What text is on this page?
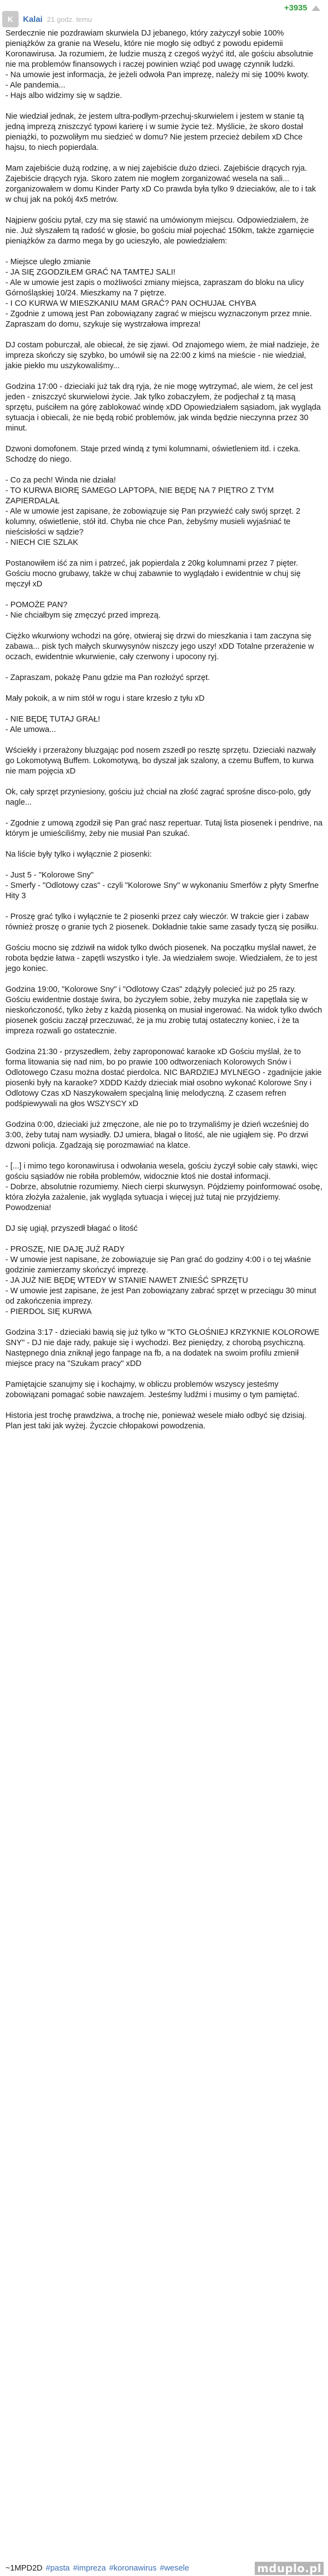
K	Kalai 21 godz. temu
+3935
Serdecznie nie pozdrawiam skurwiela DJ jebanego, który zażyczył sobie 100% pieniążków za granie na Weselu, które nie mogło się odbyć z powodu epidemii Koronawirusa. Ja rozumiem, że ludzie muszą z czegoś wyżyć itd, ale gościu absolutnie nie ma problemów finansowych i raczej powinien wziąć pod uwagę czynnik ludzki.
- Na umowie jest informacja, że jeżeli odwoła Pan imprezę, należy mi się 100% kwoty.
- Ale pandemia...
- Hajs albo widzimy się w sądzie.

Nie wiedział jednak, że jestem ultra-podłym-przechuj-skurwielem i jestem w stanie tą jedną imprezą zniszczyć typowi karierę i w sumie życie też. Myślicie, że skoro dostał pieniążki, to pozwoliłym mu siedzieć w domu? Nie jestem przecież debilem xD Chce hajsu, to niech popierdala.

Mam zajebiście dużą rodzinę, a w niej zajebiście dużo dzieci. Zajebiście drących ryja. Zajebiście drących ryja. Skoro zatem nie mogłem zorganizować wesela na sali... zorganizowałem w domu Kinder Party xD Co prawda była tylko 9 dzieciaków, ale to i tak w chuj jak na pokój 4x5 metrów.

Najpierw gościu pytał, czy ma się stawić na umówionym miejscu. Odpowiedziałem, że nie. Już słyszałem tą radość w głosie, bo gościu miał pojechać 150km, także zgarnięcie pieniążków za darmo mega by go ucieszyło, ale powiedziałem:

- Miejsce uległo zmianie
- JA SIĘ ZGODZIŁEM GRAĆ NA TAMTEJ SALI!
- Ale w umowie jest zapis o możliwości zmiany miejsca, zapraszam do bloku na ulicy Górnośląskiej 10/24. Mieszkamy na 7 piętrze.
- I CO KURWA W MIESZKANIU MAM GRAĆ? PAN OCHUJAŁ CHYBA
- Zgodnie z umową jest Pan zobowiązany zagrać w miejscu wyznaczonym przez mnie. Zapraszam do domu, szykuje się wystrzałowa impreza!

DJ costam poburczał, ale obiecał, że się zjawi. Od znajomego wiem, że miał nadzieje, że impreza skończy się szybko, bo umówił się na 22:00 z kimś na mieście - nie wiedział, jakie piekło mu uszykowaliśmy...

Godzina 17:00 - dzieciaki już tak drą ryja, że nie mogę wytrzymać, ale wiem, że cel jest jeden - zniszczyć skurwielowi życie. Jak tylko zobaczyłem, że podjechał z tą masą sprzętu, puściłem na górę zablokować windę xDD Opowiedziałem sąsiadom, jak wygląda sytuacja i obiecali, że nie będą robić problemów, jak winda będzie nieczynna przez 30 minut.

Dzwoni domofonem. Staje przed windą z tymi kolumnami, oświetleniem itd. i czeka. Schodzę do niego.

- Co za pech! Winda nie działa!
- TO KURWA BIORĘ SAMEGO LAPTOPA, NIE BĘDĘ NA 7 PIĘTRO Z TYM ZAPIERDALAŁ
- Ale w umowie jest zapisane, że zobowiązuje się Pan przywieźć cały swój sprzęt. 2 kolumny, oświetlenie, stół itd. Chyba nie chce Pan, żebyśmy musieli wyjaśniać te nieścisłości w sądzie?
- NIECH CIE SZLAK

Postanowiłem iść za nim i patrzeć, jak popierdala z 20kg kolumnami przez 7 pięter. Gościu mocno grubawy, także w chuj zabawnie to wyglądało i ewidentnie w chuj się męczył xD

- POMOŻE PAN?
- Nie chciałbym się zmęczyć przed imprezą.

Ciężko wkurwiony wchodzi na górę, otwieraj się drzwi do mieszkania i tam zaczyna się zabawa... pisk tych małych skurwysynów niszczy jego uszy! xDD Totalne przerażenie w oczach, ewidentnie wkurwienie, cały czerwony i upocony ryj.

- Zapraszam, pokażę Panu gdzie ma Pan rozłożyć sprzęt.

Mały pokoik, a w nim stół w rogu i stare krzesło z tyłu xD

- NIE BĘDĘ TUTAJ GRAŁ!
- Ale umowa...

Wściekły i przerażony bluzgając pod nosem zszedł po resztę sprzętu. Dzieciaki nazwały go Lokomotywą Buffem. Lokomotywą, bo dyszał jak szalony, a czemu Buffem, to kurwa nie mam pojęcia xD

Ok, cały sprzęt przyniesiony, gościu już chciał na złość zagrać sprośne disco-polo, gdy nagle...

- Zgodnie z umową zgodził się Pan grać nasz repertuar. Tutaj lista piosenek i pendrive, na którym je umieściliśmy, żeby nie musiał Pan szukać.

Na liście były tylko i wyłącznie 2 piosenki:

- Just 5 - "Kolorowe Sny"
- Smerfy - "Odlotowy czas" - czyli "Kolorowe Sny" w wykonaniu Smerfów z płyty Smerfne Hity 3

- Proszę grać tylko i wyłącznie te 2 piosenki przez cały wieczór. W trakcie gier i zabaw również proszę o granie tych 2 piosenek. Dokładnie takie same zasady tyczą się posiłku.

Gościu mocno się zdziwił na widok tylko dwóch piosenek. Na początku myślał nawet, że robota będzie łatwa - zapętli wszystko i tyle. Ja wiedziałem swoje. Wiedziałem, że to jest jego koniec.

Godzina 19:00, "Kolorowe Sny" i "Odlotowy Czas" zdążyły polecieć już po 25 razy. Gościu ewidentnie dostaje świra, bo życzyłem sobie, żeby muzyka nie zapętlała się w nieskończoność, tylko żeby z każdą piosenką on musiał ingerować. Na widok tylko dwóch piosenek gościu zaczął przeczuwać, że ja mu zrobię tutaj ostateczny koniec, i że ta impreza rozwali go ostatecznie.

Godzina 21:30 - przyszedłem, żeby zaproponować karaoke xD Gościu myślał, że to forma litowania się nad nim, bo po prawie 100 odtworzeniach Kolorowych Snów i Odlotowego Czasu można dostać pierdolca. NIC BARDZIEJ MYLNEGO - zgadnijcie jakie piosenki były na karaoke? XDDD Każdy dzieciak miał osobno wykonać Kolorowe Sny i Odlotowy Czas xD Naszykowałem specjalną linię melodyczną. Z czasem refren podśpiewywali na głos WSZYSCY xD

Godzina 0:00, dzieciaki już zmęczone, ale nie po to trzymaliśmy je dzień wcześniej do 3:00, żeby tutaj nam wysiadły. DJ umiera, błagał o litość, ale nie ugiąłem się. Po drzwi dzwoni policja. Zgadzają się porozmawiać na klatce.

- [...] i mimo tego koronawirusa i odwołania wesela, gościu życzył sobie cały stawki, więc gościu sąsiadów nie robiła problemów, widocznie ktoś nie dostał informacji.
- Dobrze, absolutnie rozumiemy. Niech cierpi skurwysyn. Pójdziemy poinformować osobę, która złożyła zażalenie, jak wygląda sytuacja i więcej już tutaj nie przyjdziemy. Powodzenia!

DJ się ugiął, przyszedł błagać o litość

- PROSZĘ, NIE DAJĘ JUŻ RADY
- W umowie jest napisane, że zobowiązuje się Pan grać do godziny 4:00 i o tej właśnie godzinie zamierzamy skończyć imprezę.
- JA JUŻ NIE BĘDĘ WTEDY W STANIE NAWET ZNIEŚĆ SPRZĘTU
- W umowie jest zapisane, że jest Pan zobowiązany zabrać sprzęt w przeciągu 30 minut od zakończenia imprezy.
- PIERDOL SIĘ KURWA

Godzina 3:17 - dzieciaki bawią się już tylko w "KTO GŁOŚNIEJ KRZYKNIE KOLOROWE SNY" - DJ nie daje rady, pakuje się i wychodzi. Bez pieniędzy, z chorobą psychiczną. Następnego dnia zniknął jego fanpage na fb, a na dodatek na swoim profilu zmienił miejsce pracy na "Szukam pracy" xDD

Pamiętajcie szanujmy się i kochajmy, w obliczu problemów wszyscy jesteśmy zobowiązani pomagać sobie nawzajem. Jesteśmy ludźmi i musimy o tym pamiętać.

Historia jest trochę prawdziwa, a trochę nie, ponieważ wesele miało odbyć się dzisiaj. Plan jest taki jak wyżej. Życzcie chłopakowi powodzenia.
~1MPD2D #pasta #impreza #koronawirus #wesele	mduplo.pl
